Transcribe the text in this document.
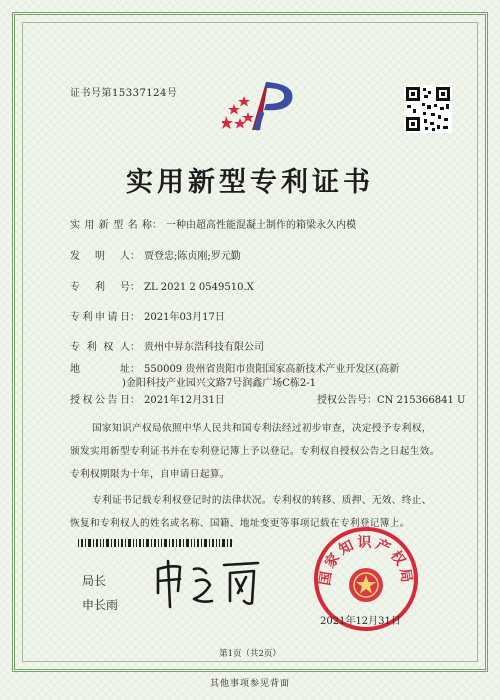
证书号第15337124号
实用新型专利证书
实用新型名称： 一种由超高性能混凝土制作的箱梁永久内模
发明人： 贾登忠;陈贞刚;罗元勤
专利号： ZL 2021 2 0549510.X
专利申请日： 2021年03月17日
专利权人： 贵州中昇东浩科技有限公司
地址： 550009 贵州省贵阳市贵阳国家高新技术产业开发区(高新
)金阳科技产业园兴文路7号润鑫广场C栋2-1
授权公告日： 2021年12月31日	授权公告号：CN 215366841 U

国家知识产权局依照中华人民共和国专利法经过初步审查，决定授予专利权，颁发实用新型专利证书并在专利登记簿上予以登记。专利权自授权公告之日起生效。专利权期限为十年，自申请日起算。

专利证书记载专利权登记时的法律状况。专利权的转移、质押、无效、终止、恢复和专利权人的姓名或名称、国籍、地址变更等事项记载在专利登记簿上。

局长
申长雨
国家知识产权局
2021年12月31日
第1页（共2页）
其他事项参见背面
